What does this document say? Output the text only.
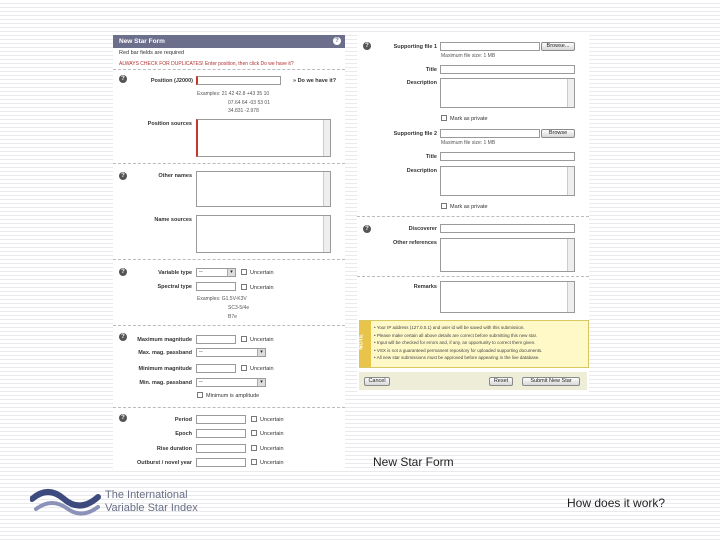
New Star Form	?
Red bar fields are required
ALWAYS CHECK FOR DUPLICATES! Enter position, then click Do we have it?
?	Position (J2000)	» Do we have it?
Examples: 21 42 42.8 +43 35 10
07.64 64 -03 53 01
34.831 -2.978
Position sources
?	Other names
Name sources
?	Variable type	--	▾	Uncertain
Spectral type	Uncertain
Examples: G1.5V-K3V
SC3-5/4e
B7e
?	Maximum magnitude	Uncertain
Max. mag. passband	--	▾
Minimum magnitude	Uncertain
Min. mag. passband	--	▾
Minimum is amplitude
?	Period	Uncertain
Epoch	Uncertain
Rise duration	Uncertain
Outburst / novel year	Uncertain
?	Supporting file 1	Browse...
Maximum file size: 1 MB
Title
Description
Mark as private
Supporting file 2	Browse
Maximum file size: 1 MB
Title
Description
Mark as private
?	Discoverer
Other references
Remarks
NOTE
• Your IP address (127.0.0.1) and user id will be saved with this submission.
• Please make certain all above details are correct before submitting this new star.
• Input will be checked for errors and, if any, an opportunity to correct them given.
• VSX is not a guaranteed permanent repository for uploaded supporting documents.
• All new star submissions must be approved before appearing in the live database.
Cancel	Reset	Submit New Star
New Star Form
The International
Variable Star Index	How does it work?
